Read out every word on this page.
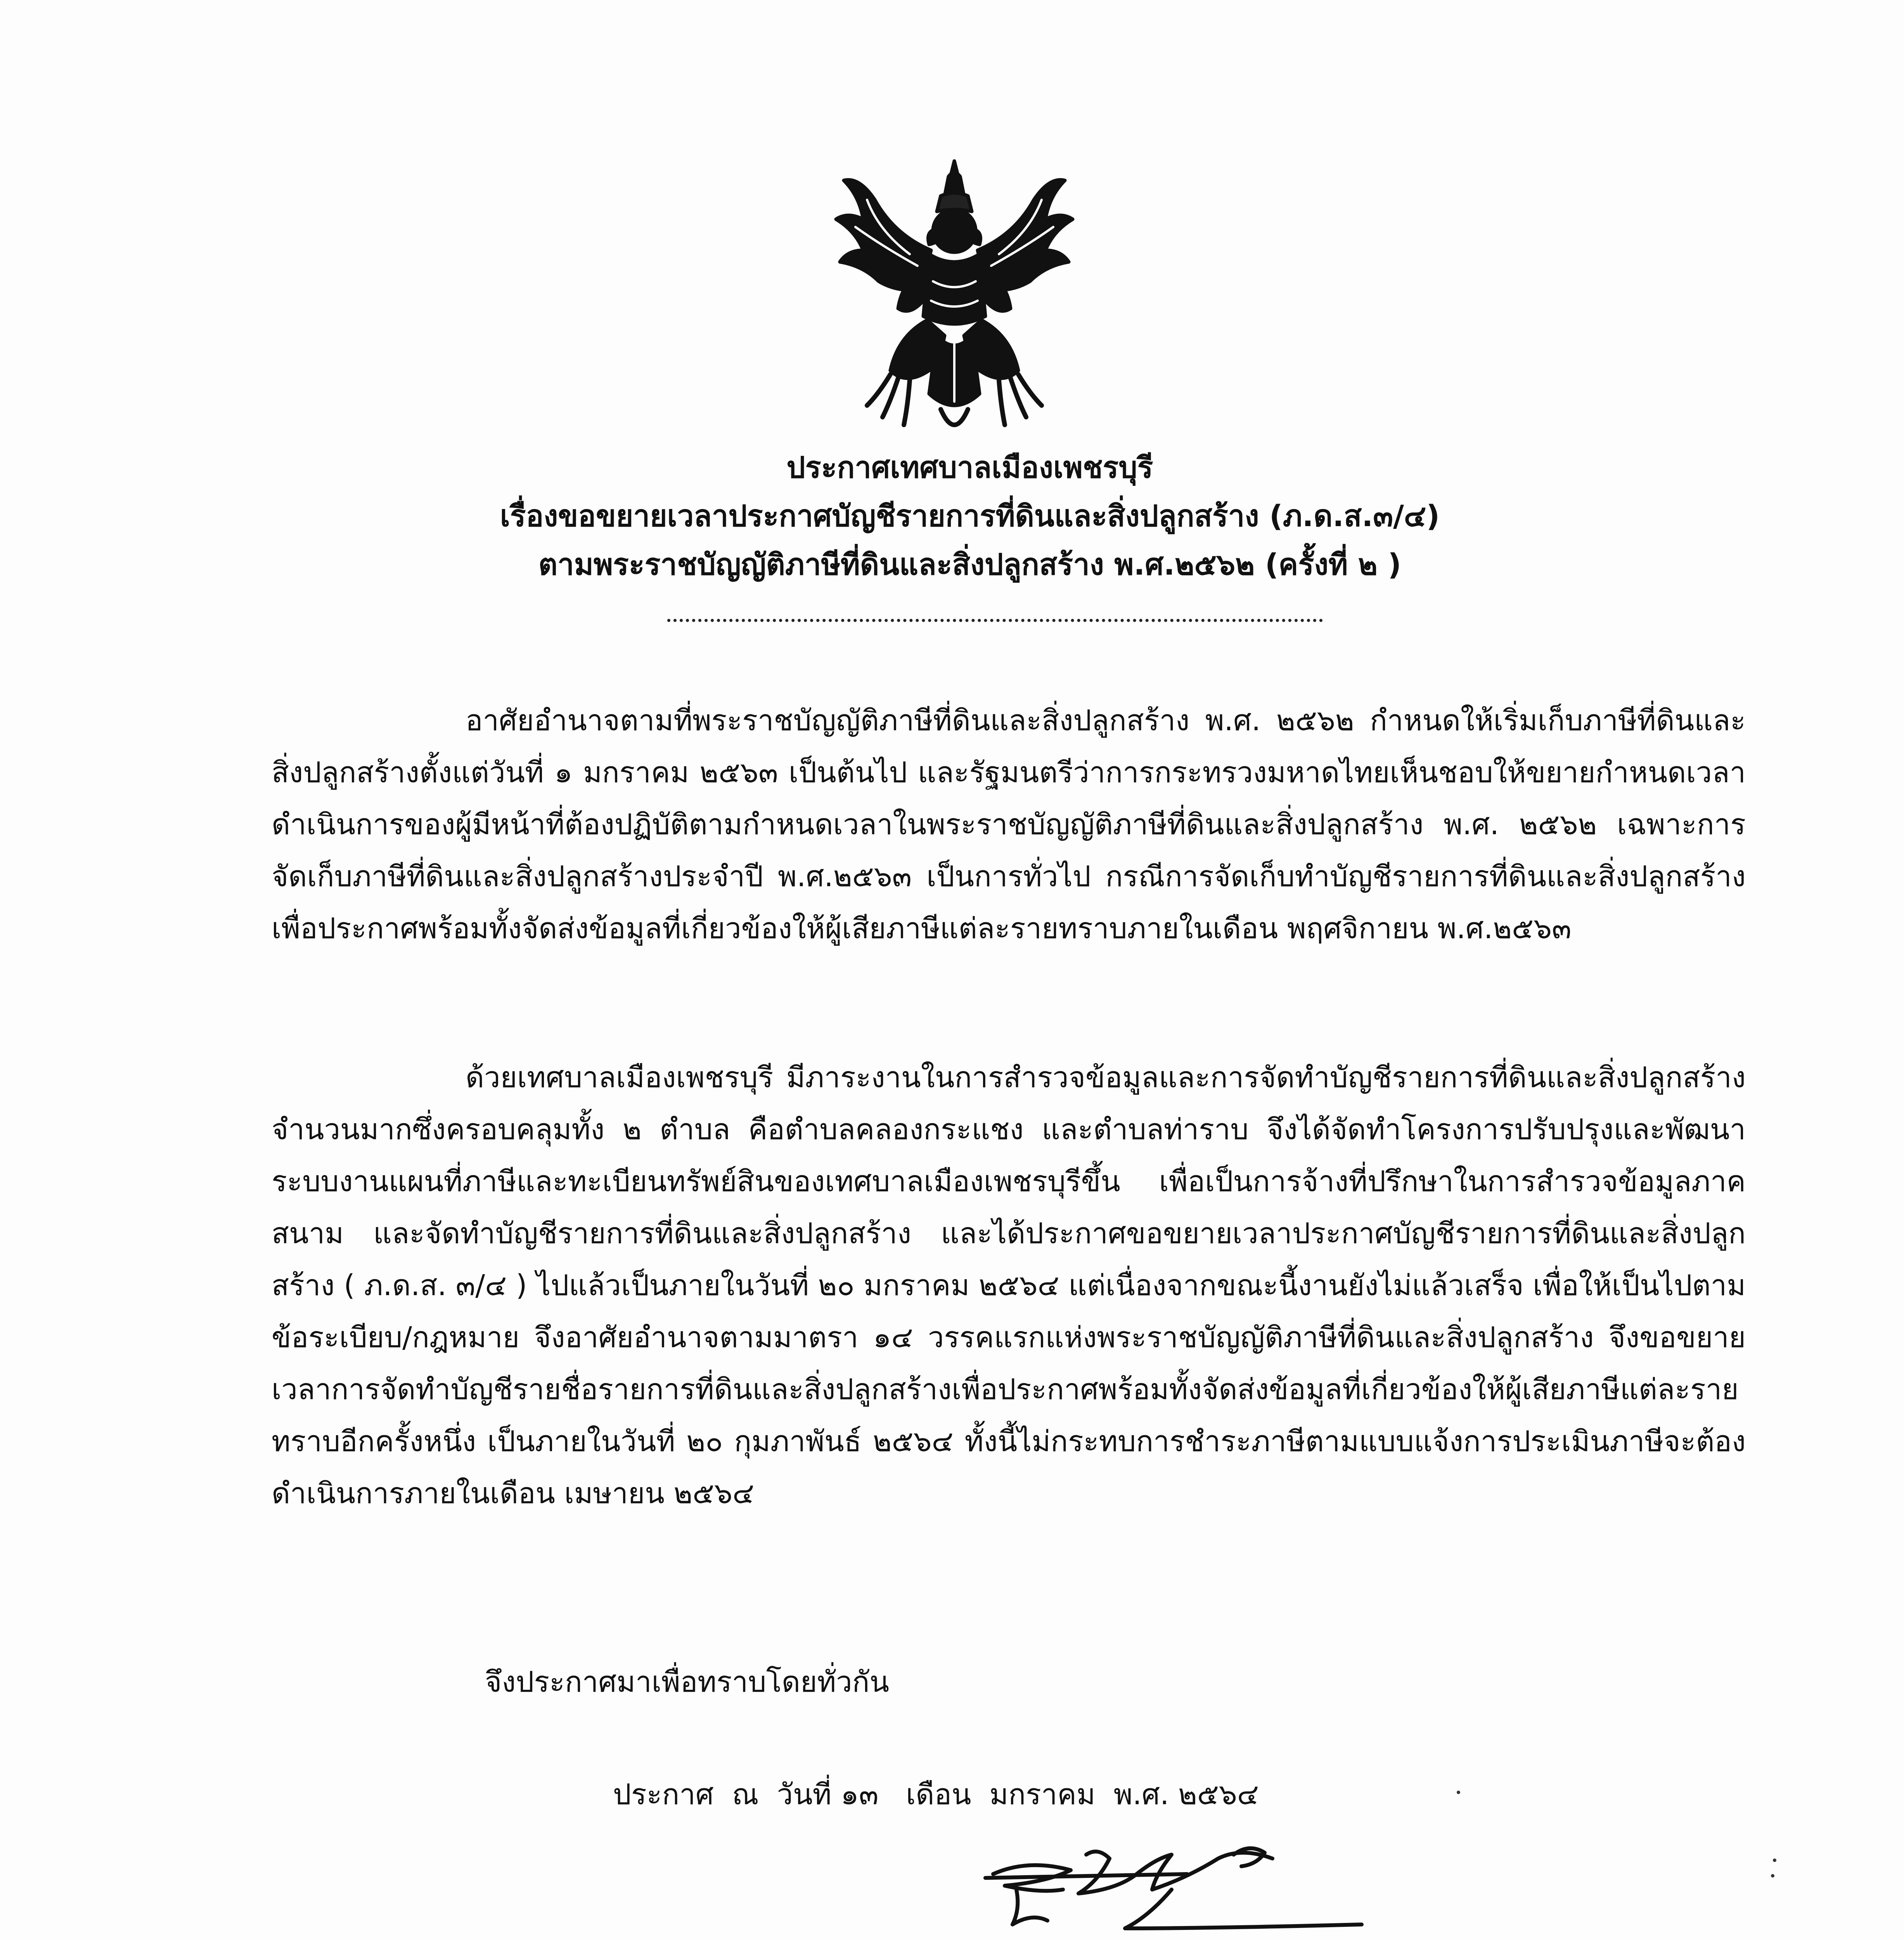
ประกาศเทศบาลเมืองเพชรบุรี
เรื่องขอขยายเวลาประกาศบัญชีรายการที่ดินและสิ่งปลูกสร้าง (ภ.ด.ส.๓/๔)
ตามพระราชบัญญัติภาษีที่ดินและสิ่งปลูกสร้าง พ.ศ.๒๕๖๒ (ครั้งที่ ๒ )

อาศัยอำนาจตามที่พระราชบัญญัติภาษีที่ดินและสิ่งปลูกสร้าง พ.ศ. ๒๕๖๒ กำหนดให้เริ่มเก็บภาษีที่ดินและสิ่งปลูกสร้างตั้งแต่วันที่ ๑ มกราคม ๒๕๖๓ เป็นต้นไป และรัฐมนตรีว่าการกระทรวงมหาดไทยเห็นชอบให้ขยายกำหนดเวลาดำเนินการของผู้มีหน้าที่ต้องปฏิบัติตามกำหนดเวลาในพระราชบัญญัติภาษีที่ดินและสิ่งปลูกสร้าง พ.ศ. ๒๕๖๒ เฉพาะการจัดเก็บภาษีที่ดินและสิ่งปลูกสร้างประจำปี พ.ศ.๒๕๖๓ เป็นการทั่วไป กรณีการจัดเก็บทำบัญชีรายการที่ดินและสิ่งปลูกสร้างเพื่อประกาศพร้อมทั้งจัดส่งข้อมูลที่เกี่ยวข้องให้ผู้เสียภาษีแต่ละรายทราบภายในเดือน พฤศจิกายน พ.ศ.๒๕๖๓

ด้วยเทศบาลเมืองเพชรบุรี มีภาระงานในการสำรวจข้อมูลและการจัดทำบัญชีรายการที่ดินและสิ่งปลูกสร้างจำนวนมากซึ่งครอบคลุมทั้ง ๒ ตำบล คือตำบลคลองกระแชง และตำบลท่าราบ จึงได้จัดทำโครงการปรับปรุงและพัฒนาระบบงานแผนที่ภาษีและทะเบียนทรัพย์สินของเทศบาลเมืองเพชรบุรีขึ้น เพื่อเป็นการจ้างที่ปรึกษาในการสำรวจข้อมูลภาคสนาม และจัดทำบัญชีรายการที่ดินและสิ่งปลูกสร้าง และได้ประกาศขอขยายเวลาประกาศบัญชีรายการที่ดินและสิ่งปลูกสร้าง ( ภ.ด.ส. ๓/๔ ) ไปแล้วเป็นภายในวันที่ ๒๐ มกราคม ๒๕๖๔ แต่เนื่องจากขณะนี้งานยังไม่แล้วเสร็จ เพื่อให้เป็นไปตามข้อระเบียบ/กฎหมาย จึงอาศัยอำนาจตามมาตรา ๑๔ วรรคแรกแห่งพระราชบัญญัติภาษีที่ดินและสิ่งปลูกสร้าง จึงขอขยายเวลาการจัดทำบัญชีรายชื่อรายการที่ดินและสิ่งปลูกสร้างเพื่อประกาศพร้อมทั้งจัดส่งข้อมูลที่เกี่ยวข้องให้ผู้เสียภาษีแต่ละรายทราบอีกครั้งหนึ่ง เป็นภายในวันที่ ๒๐ กุมภาพันธ์ ๒๕๖๔ ทั้งนี้ไม่กระทบการชำระภาษีตามแบบแจ้งการประเมินภาษีจะต้องดำเนินการภายในเดือน เมษายน ๒๕๖๔

จึงประกาศมาเพื่อทราบโดยทั่วกัน
ประกาศ  ณ  วันที่ ๑๓   เดือน  มกราคม  พ.ศ. ๒๕๖๔
